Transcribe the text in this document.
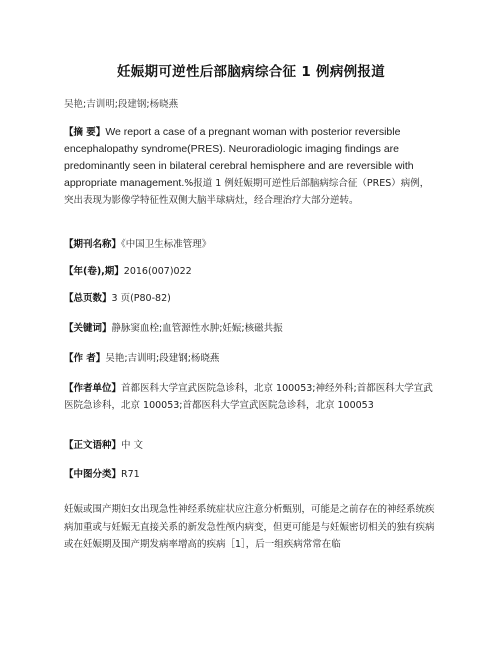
妊娠期可逆性后部脑病综合征 1 例病例报道
吴艳;吉训明;段建钢;杨晓燕
【摘 要】We report a case of a pregnant woman with posterior reversible encephalopathy syndrome(PRES). Neuroradiologic imaging findings are predominantly seen in bilateral cerebral hemisphere and are reversible with appropriate management.%报道 1 例妊娠期可逆性后部脑病综合征（PRES）病例，突出表现为影像学特征性双侧大脑半球病灶，经合理治疗大部分逆转。
【期刊名称】《中国卫生标准管理》
【年(卷),期】2016(007)022
【总页数】3 页(P80-82)
【关键词】静脉窦血栓;血管源性水肿;妊娠;核磁共振
【作 者】吴艳;吉训明;段建钢;杨晓燕
【作者单位】首都医科大学宣武医院急诊科，北京 100053;神经外科;首都医科大学宣武医院急诊科，北京 100053;首都医科大学宣武医院急诊科，北京 100053
【正文语种】中 文
【中图分类】R71
妊娠或围产期妇女出现急性神经系统症状应注意分析甄别，可能是之前存在的神经系统疾病加重或与妊娠无直接关系的新发急性颅内病变，但更可能是与妊娠密切相关的独有疾病或在妊娠期及围产期发病率增高的疾病［1］，后一组疾病常常在临
